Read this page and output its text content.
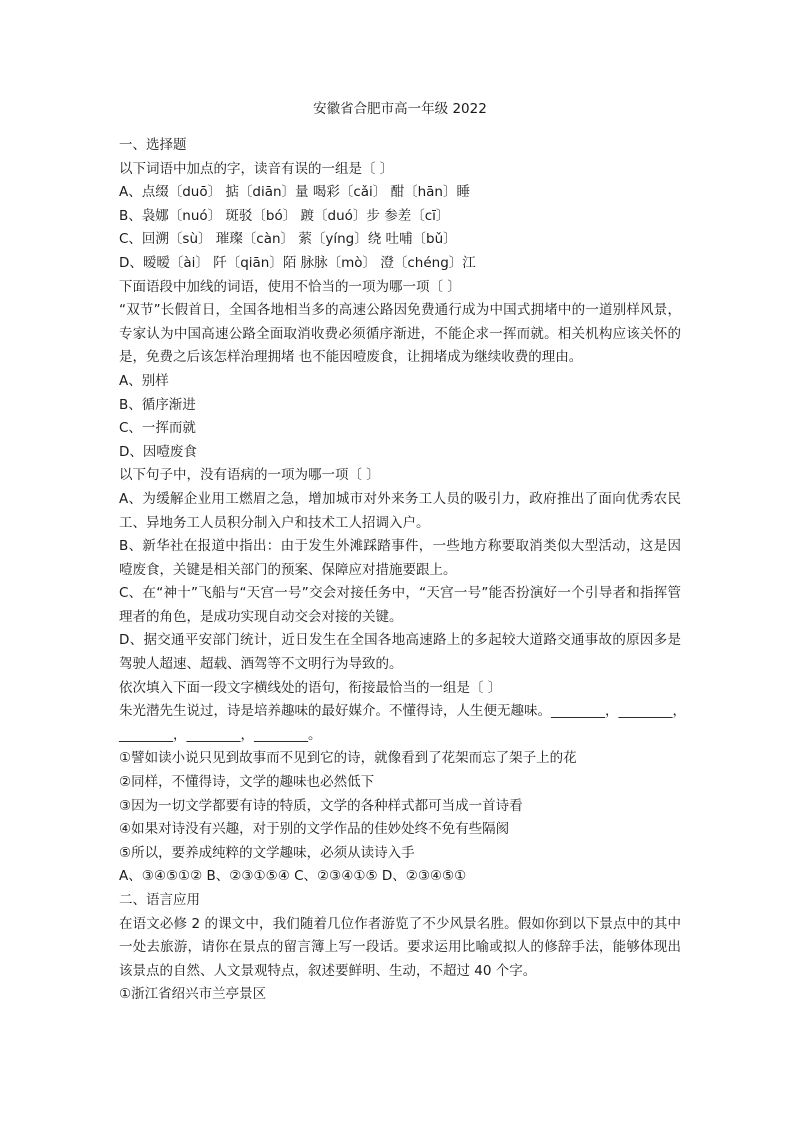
安徽省合肥市高一年级 2022
一、选择题
以下词语中加点的字，读音有误的一组是〔 〕
A、点缀〔duō〕 掂〔diān〕量 喝彩〔cǎi〕 酣〔hān〕睡
B、袅娜〔nuó〕 斑驳〔bó〕 踱〔duó〕步 参差〔cī〕
C、回溯〔sù〕 璀璨〔càn〕 萦〔yíng〕绕 吐哺〔bǔ〕
D、暧暧〔ài〕 阡〔qiān〕陌 脉脉〔mò〕 澄〔chéng〕江
下面语段中加线的词语，使用不恰当的一项为哪一项〔 〕
“双节”长假首日，全国各地相当多的高速公路因免费通行成为中国式拥堵中的一道别样风景，专家认为中国高速公路全面取消收费必须循序渐进，不能企求一挥而就。相关机构应该关怀的是，免费之后该怎样治理拥堵 也不能因噎废食，让拥堵成为继续收费的理由。
A、别样
B、循序渐进
C、一挥而就
D、因噎废食
以下句子中，没有语病的一项为哪一项〔 〕
A、为缓解企业用工燃眉之急，增加城市对外来务工人员的吸引力，政府推出了面向优秀农民工、异地务工人员积分制入户和技术工人招调入户。
B、新华社在报道中指出：由于发生外滩踩踏事件，一些地方称要取消类似大型活动，这是因噎废食，关键是相关部门的预案、保障应对措施要跟上。
C、在“神十”飞船与“天宫一号”交会对接任务中，“天宫一号”能否扮演好一个引导者和指挥管理者的角色，是成功实现自动交会对接的关键。
D、据交通平安部门统计，近日发生在全国各地高速路上的多起较大道路交通事故的原因多是驾驶人超速、超载、酒驾等不文明行为导致的。
依次填入下面一段文字横线处的语句，衔接最恰当的一组是〔 〕
朱光潜先生说过，诗是培养趣味的最好媒介。不懂得诗，人生便无趣味。________，________，
________，________，________。
①譬如读小说只见到故事而不见到它的诗，就像看到了花架而忘了架子上的花
②同样，不懂得诗，文学的趣味也必然低下
③因为一切文学都要有诗的特质，文学的各种样式都可当成一首诗看
④如果对诗没有兴趣，对于别的文学作品的佳妙处终不免有些隔阂
⑤所以，要养成纯粹的文学趣味，必须从读诗入手
A、③④⑤①② B、②③①⑤④ C、②③④①⑤ D、②③④⑤①
二、语言应用
在语文必修 2 的课文中，我们随着几位作者游览了不少风景名胜。假如你到以下景点中的其中一处去旅游，请你在景点的留言簿上写一段话。要求运用比喻或拟人的修辞手法，能够体现出该景点的自然、人文景观特点，叙述要鲜明、生动，不超过 40 个字。
①浙江省绍兴市兰亭景区
